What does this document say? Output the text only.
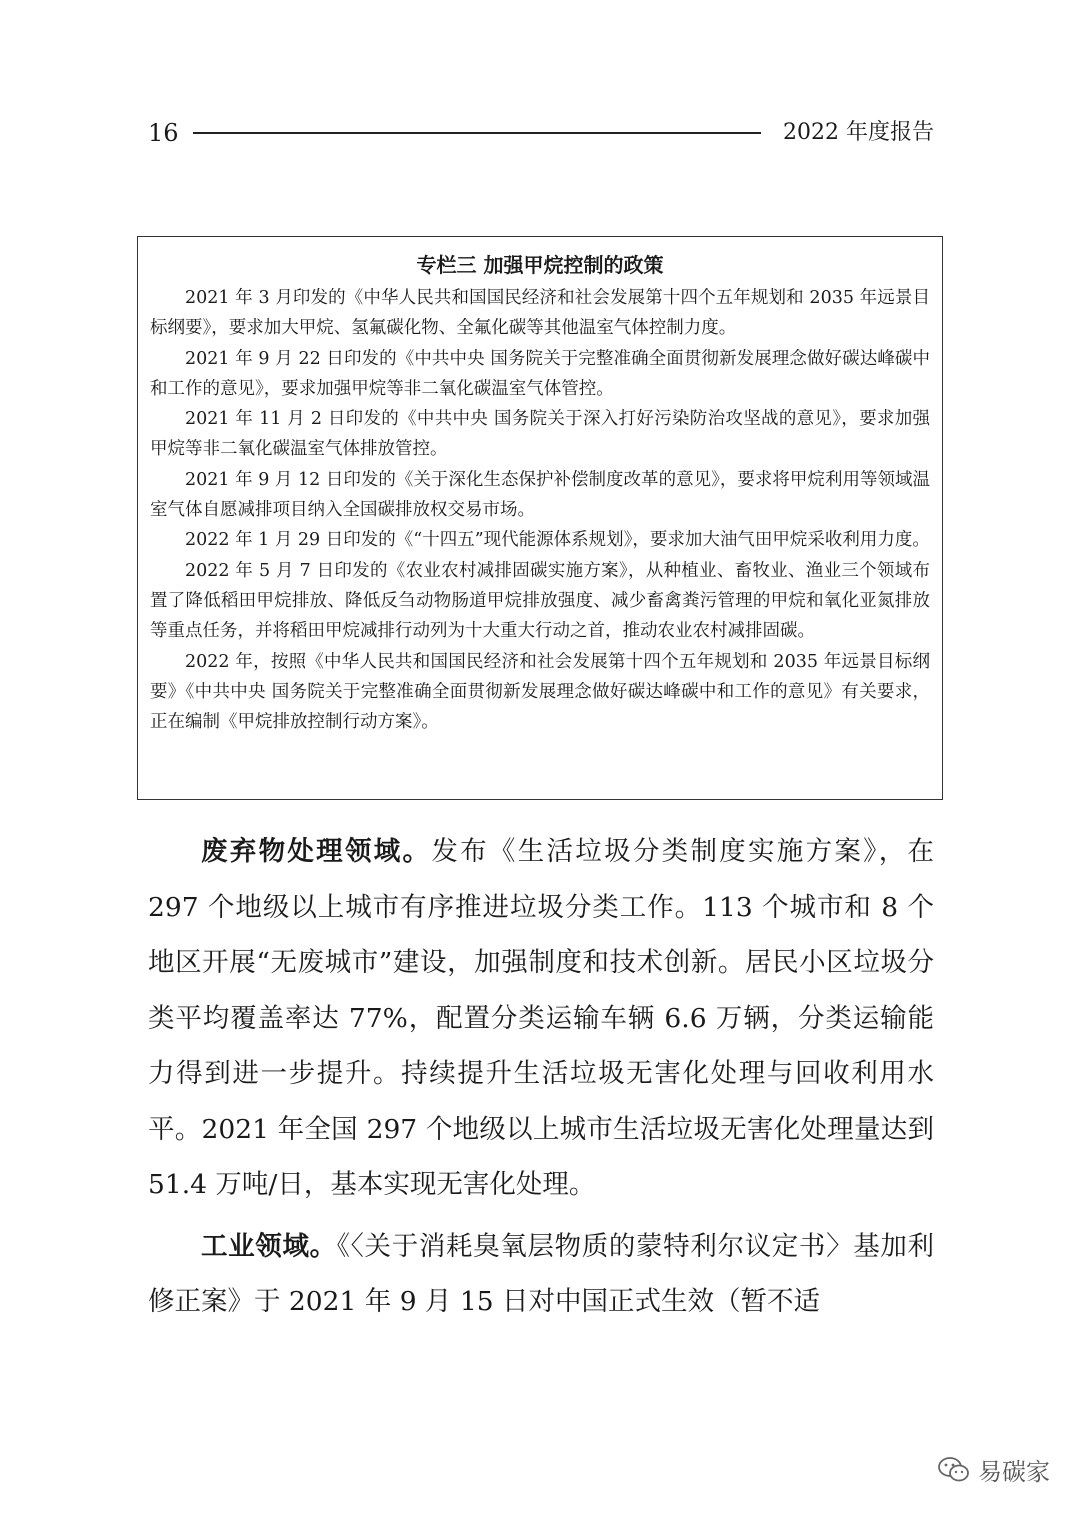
16	2022 年度报告
专栏三 加强甲烷控制的政策

2021 年 3 月印发的《中华人民共和国国民经济和社会发展第十四个五年规划和 2035 年远景目标纲要》，要求加大甲烷、氢氟碳化物、全氟化碳等其他温室气体控制力度。

2021 年 9 月 22 日印发的《中共中央 国务院关于完整准确全面贯彻新发展理念做好碳达峰碳中和工作的意见》，要求加强甲烷等非二氧化碳温室气体管控。

2021 年 11 月 2 日印发的《中共中央 国务院关于深入打好污染防治攻坚战的意见》，要求加强甲烷等非二氧化碳温室气体排放管控。

2021 年 9 月 12 日印发的《关于深化生态保护补偿制度改革的意见》，要求将甲烷利用等领域温室气体自愿减排项目纳入全国碳排放权交易市场。

2022 年 1 月 29 日印发的《“十四五”现代能源体系规划》，要求加大油气田甲烷采收利用力度。

2022 年 5 月 7 日印发的《农业农村减排固碳实施方案》，从种植业、畜牧业、渔业三个领域布置了降低稻田甲烷排放、降低反刍动物肠道甲烷排放强度、减少畜禽粪污管理的甲烷和氧化亚氮排放等重点任务，并将稻田甲烷减排行动列为十大重大行动之首，推动农业农村减排固碳。

2022 年，按照《中华人民共和国国民经济和社会发展第十四个五年规划和 2035 年远景目标纲要》《中共中央 国务院关于完整准确全面贯彻新发展理念做好碳达峰碳中和工作的意见》有关要求，正在编制《甲烷排放控制行动方案》。

废弃物处理领域。发布《生活垃圾分类制度实施方案》，在 297 个地级以上城市有序推进垃圾分类工作。113 个城市和 8 个地区开展“无废城市”建设，加强制度和技术创新。居民小区垃圾分类平均覆盖率达 77%，配置分类运输车辆 6.6 万辆，分类运输能力得到进一步提升。持续提升生活垃圾无害化处理与回收利用水平。2021 年全国 297 个地级以上城市生活垃圾无害化处理量达到 51.4 万吨/日，基本实现无害化处理。

工业领域。《〈关于消耗臭氧层物质的蒙特利尔议定书〉基加利修正案》于 2021 年 9 月 15 日对中国正式生效（暂不适

易碳家
